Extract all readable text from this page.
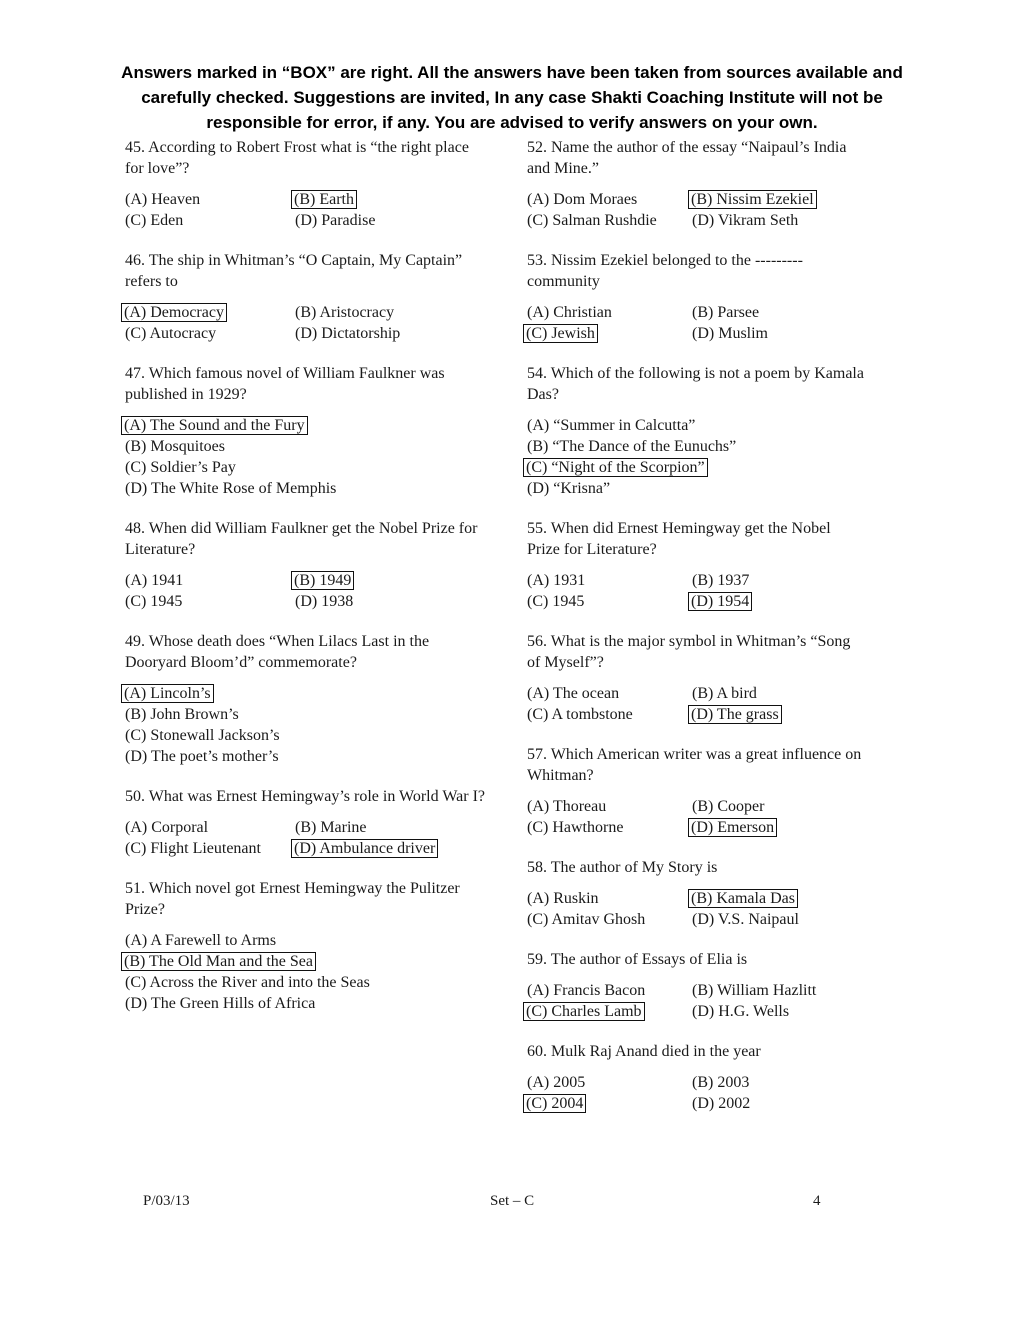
Answers marked in “BOX” are right. All the answers have been taken from sources available and carefully checked. Suggestions are invited, In any case Shakti Coaching Institute will not be responsible for error, if any. You are advised to verify answers on your own.
45. According to Robert Frost what is “the right place for love”?
(A) Heaven	(B) Earth
(C) Eden	(D) Paradise
46. The ship in Whitman’s “O Captain, My Captain” refers to
(A) Democracy	(B) Aristocracy
(C) Autocracy	(D) Dictatorship
47. Which famous novel of William Faulkner was published in 1929?
(A) The Sound and the Fury
(B) Mosquitoes
(C) Soldier’s Pay
(D) The White Rose of Memphis
48. When did William Faulkner get the Nobel Prize for Literature?
(A) 1941	(B) 1949
(C) 1945	(D) 1938
49. Whose death does “When Lilacs Last in the Dooryard Bloom’d” commemorate?
(A) Lincoln’s
(B) John Brown’s
(C) Stonewall Jackson’s
(D) The poet’s mother’s
50. What was Ernest Hemingway’s role in World War I?
(A) Corporal	(B) Marine
(C) Flight Lieutenant	(D) Ambulance driver
51. Which novel got Ernest Hemingway the Pulitzer Prize?
(A) A Farewell to Arms
(B) The Old Man and the Sea
(C) Across the River and into the Seas
(D) The Green Hills of Africa
52. Name the author of the essay “Naipaul’s India and Mine.”
(A) Dom Moraes	(B) Nissim Ezekiel
(C) Salman Rushdie	(D) Vikram Seth
53. Nissim Ezekiel belonged to the --------- community
(A) Christian	(B) Parsee
(C) Jewish	(D) Muslim
54. Which of the following is not a poem by Kamala Das?
(A) “Summer in Calcutta”
(B) “The Dance of the Eunuchs”
(C) “Night of the Scorpion”
(D) “Krisna”
55. When did Ernest Hemingway get the Nobel Prize for Literature?
(A) 1931	(B) 1937
(C) 1945	(D) 1954
56. What is the major symbol in Whitman’s “Song of Myself”?
(A) The ocean	(B) A bird
(C) A tombstone	(D) The grass
57. Which American writer was a great influence on Whitman?
(A) Thoreau	(B) Cooper
(C) Hawthorne	(D) Emerson
58. The author of My Story is
(A) Ruskin	(B) Kamala Das
(C) Amitav Ghosh	(D) V.S. Naipaul
59. The author of Essays of Elia is
(A) Francis Bacon	(B) William Hazlitt
(C) Charles Lamb	(D) H.G. Wells
60. Mulk Raj Anand died in the year
(A) 2005	(B) 2003
(C) 2004	(D) 2002
P/03/13	Set – C	4
